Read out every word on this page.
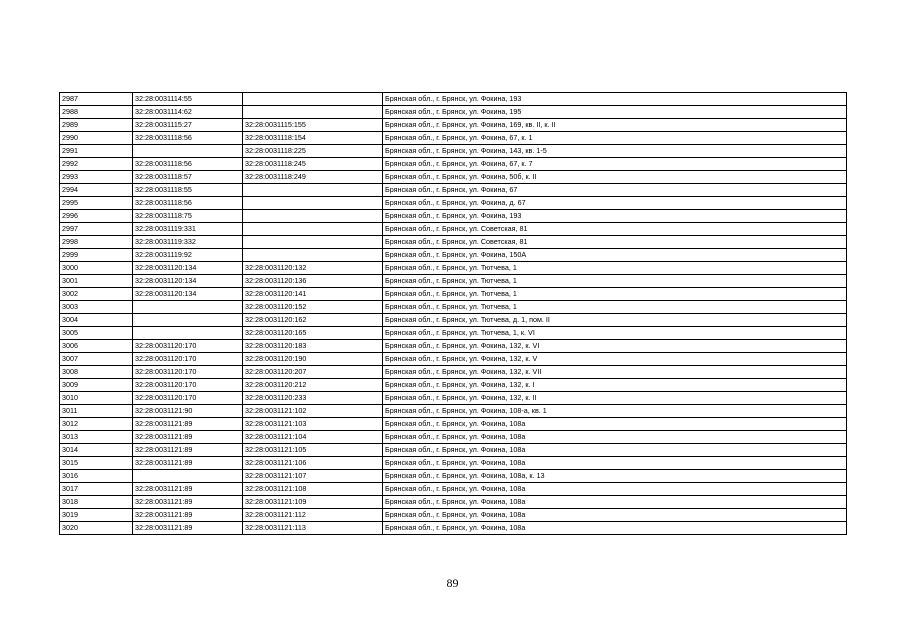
2987	32:28:0031114:55		Брянская обл., г. Брянск, ул. Фокина, 193
2988	32:28:0031114:62		Брянская обл., г. Брянск, ул. Фокина, 195
2989	32:28:0031115:27	32:28:0031115:155	Брянская обл., г. Брянск, ул. Фокина, 169, кв. II, к. II
2990	32:28:0031118:56	32:28:0031118:154	Брянская обл., г. Брянск, ул. Фокина, 67, к. 1
2991		32:28:0031118:225	Брянская обл., г. Брянск, ул. Фокина, 143, кв. 1-5
2992	32:28:0031118:56	32:28:0031118:245	Брянская обл., г. Брянск, ул. Фокина, 67, к. 7
2993	32:28:0031118:57	32:28:0031118:249	Брянская обл., г. Брянск, ул. Фокина, 50б, к. II
2994	32:28:0031118:55		Брянская обл., г. Брянск, ул. Фокина, 67
2995	32:28:0031118:56		Брянская обл., г. Брянск, ул. Фокина, д. 67
2996	32:28:0031118:75		Брянская обл., г. Брянск, ул. Фокина, 193
2997	32:28:0031119:331		Брянская обл., г. Брянск, ул. Советская, 81
2998	32:28:0031119:332		Брянская обл., г. Брянск, ул. Советская, 81
2999	32:28:0031119:92		Брянская обл., г. Брянск, ул. Фокина, 150А
3000	32:28:0031120:134	32:28:0031120:132	Брянская обл., г. Брянск, ул. Тютчева, 1
3001	32:28:0031120:134	32:28:0031120:136	Брянская обл., г. Брянск, ул. Тютчева, 1
3002	32:28:0031120:134	32:28:0031120:141	Брянская обл., г. Брянск, ул. Тютчева, 1
3003		32:28:0031120:152	Брянская обл., г. Брянск, ул. Тютчева, 1
3004		32:28:0031120:162	Брянская обл., г. Брянск, ул. Тютчева, д. 1, пом. II
3005		32:28:0031120:165	Брянская обл., г. Брянск, ул. Тютчева, 1, к. VI
3006	32:28:0031120:170	32:28:0031120:183	Брянская обл., г. Брянск, ул. Фокина, 132, к. VI
3007	32:28:0031120:170	32:28:0031120:190	Брянская обл., г. Брянск, ул. Фокина, 132, к. V
3008	32:28:0031120:170	32:28:0031120:207	Брянская обл., г. Брянск, ул. Фокина, 132, к. VII
3009	32:28:0031120:170	32:28:0031120:212	Брянская обл., г. Брянск, ул. Фокина, 132, к. I
3010	32:28:0031120:170	32:28:0031120:233	Брянская обл., г. Брянск, ул. Фокина, 132, к. II
3011	32:28:0031121:90	32:28:0031121:102	Брянская обл., г. Брянск, ул. Фокина, 108-а, кв. 1
3012	32:28:0031121:89	32:28:0031121:103	Брянская обл., г. Брянск, ул. Фокина, 108а
3013	32:28:0031121:89	32:28:0031121:104	Брянская обл., г. Брянск, ул. Фокина, 108а
3014	32:28:0031121:89	32:28:0031121:105	Брянская обл., г. Брянск, ул. Фокина, 108а
3015	32:28:0031121:89	32:28:0031121:106	Брянская обл., г. Брянск, ул. Фокина, 108а
3016		32:28:0031121:107	Брянская обл., г. Брянск, ул. Фокина, 108а, к. 13
3017	32:28:0031121:89	32:28:0031121:108	Брянская обл., г. Брянск, ул. Фокина, 108а
3018	32:28:0031121:89	32:28:0031121:109	Брянская обл., г. Брянск, ул. Фокина, 108а
3019	32:28:0031121:89	32:28:0031121:112	Брянская обл., г. Брянск, ул. Фокина, 108а
3020	32:28:0031121:89	32:28:0031121:113	Брянская обл., г. Брянск, ул. Фокина, 108а
89
